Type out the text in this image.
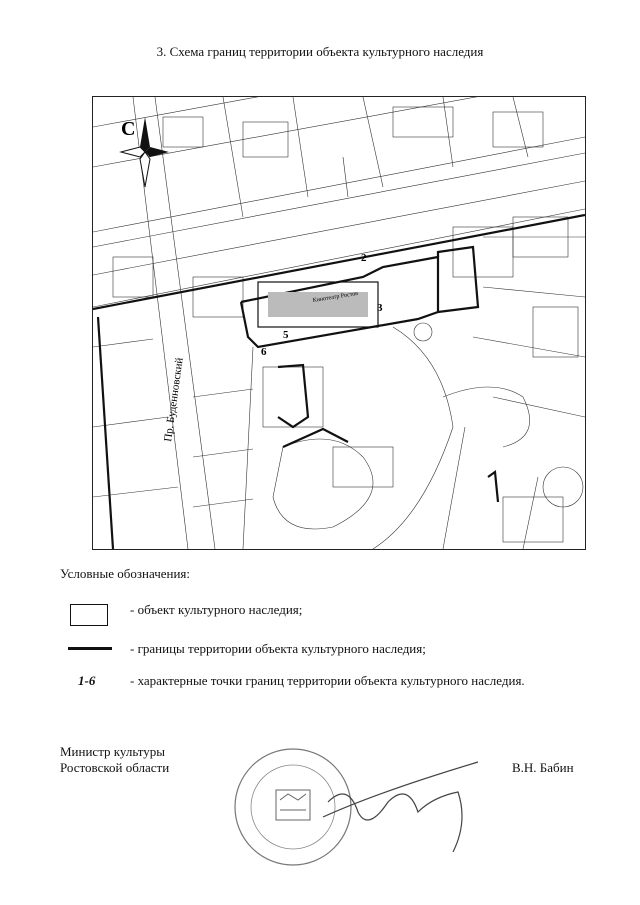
3. Схема границ территории объекта культурного наследия
Кинотеатр Ростов
2
3
5
6
Пр. Буденновский
С
Условные обозначения:
- объект культурного наследия;
- границы территории объекта культурного наследия;
1-6	- характерные точки границ территории объекта культурного наследия.
Министр культуры
Ростовской области	В.Н. Бабин
